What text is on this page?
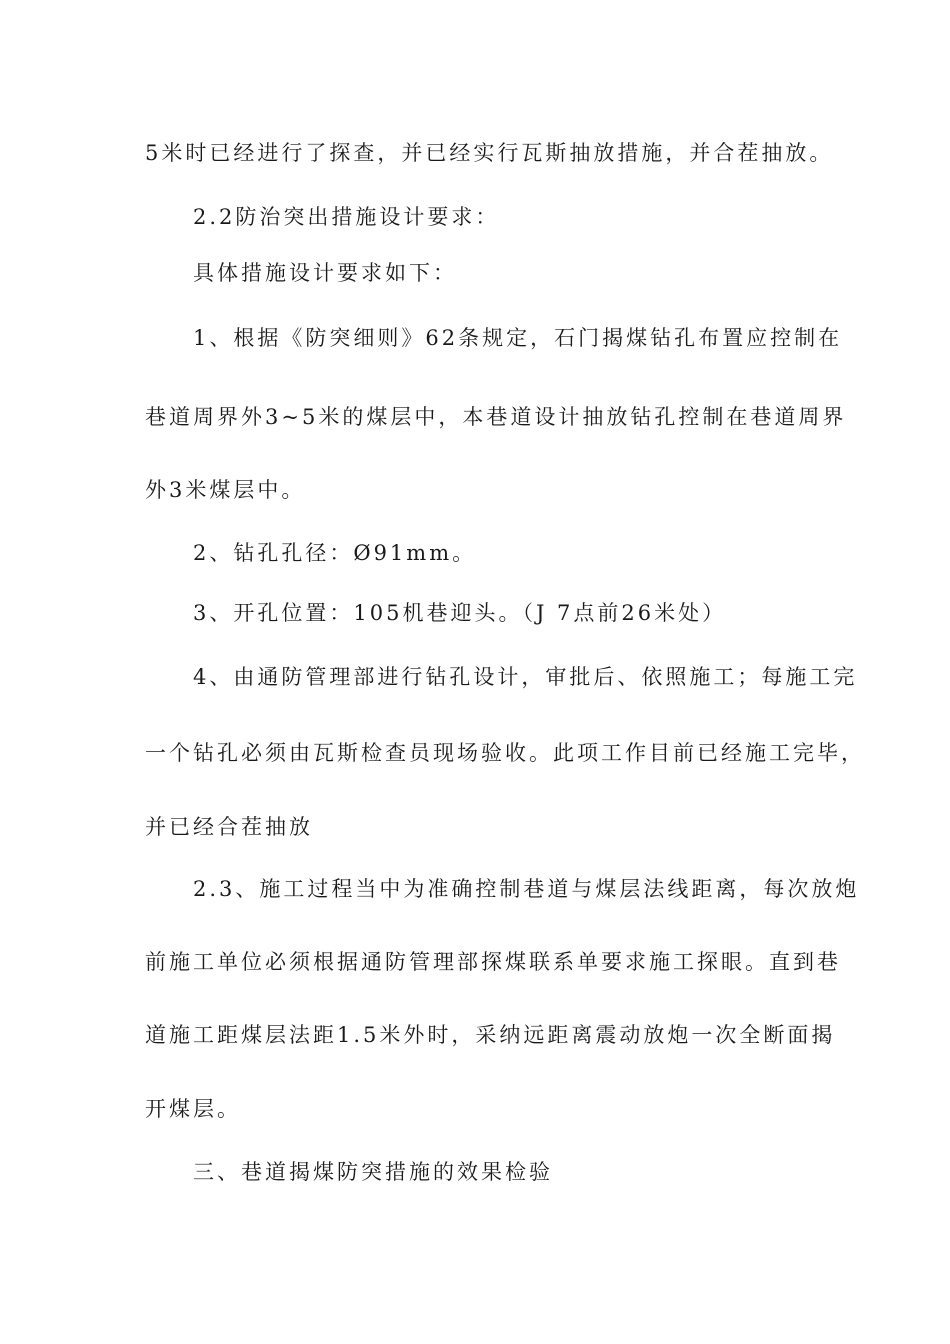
5米时已经进行了探查，并已经实行瓦斯抽放措施，并合茬抽放。

2.2防治突出措施设计要求：

具体措施设计要求如下：

1、根据《防突细则》62条规定，石门揭煤钻孔布置应控制在

巷道周界外3~5米的煤层中，本巷道设计抽放钻孔控制在巷道周界

外3米煤层中。

2、钻孔孔径：Ø91mm。

3、开孔位置：105机巷迎头。（J 7点前26米处）

4、由通防管理部进行钻孔设计，审批后、依照施工；每施工完

一个钻孔必须由瓦斯检查员现场验收。此项工作目前已经施工完毕，

并已经合茬抽放

2.3、施工过程当中为准确控制巷道与煤层法线距离，每次放炮

前施工单位必须根据通防管理部探煤联系单要求施工探眼。直到巷

道施工距煤层法距1.5米外时，采纳远距离震动放炮一次全断面揭

开煤层。

三、巷道揭煤防突措施的效果检验
